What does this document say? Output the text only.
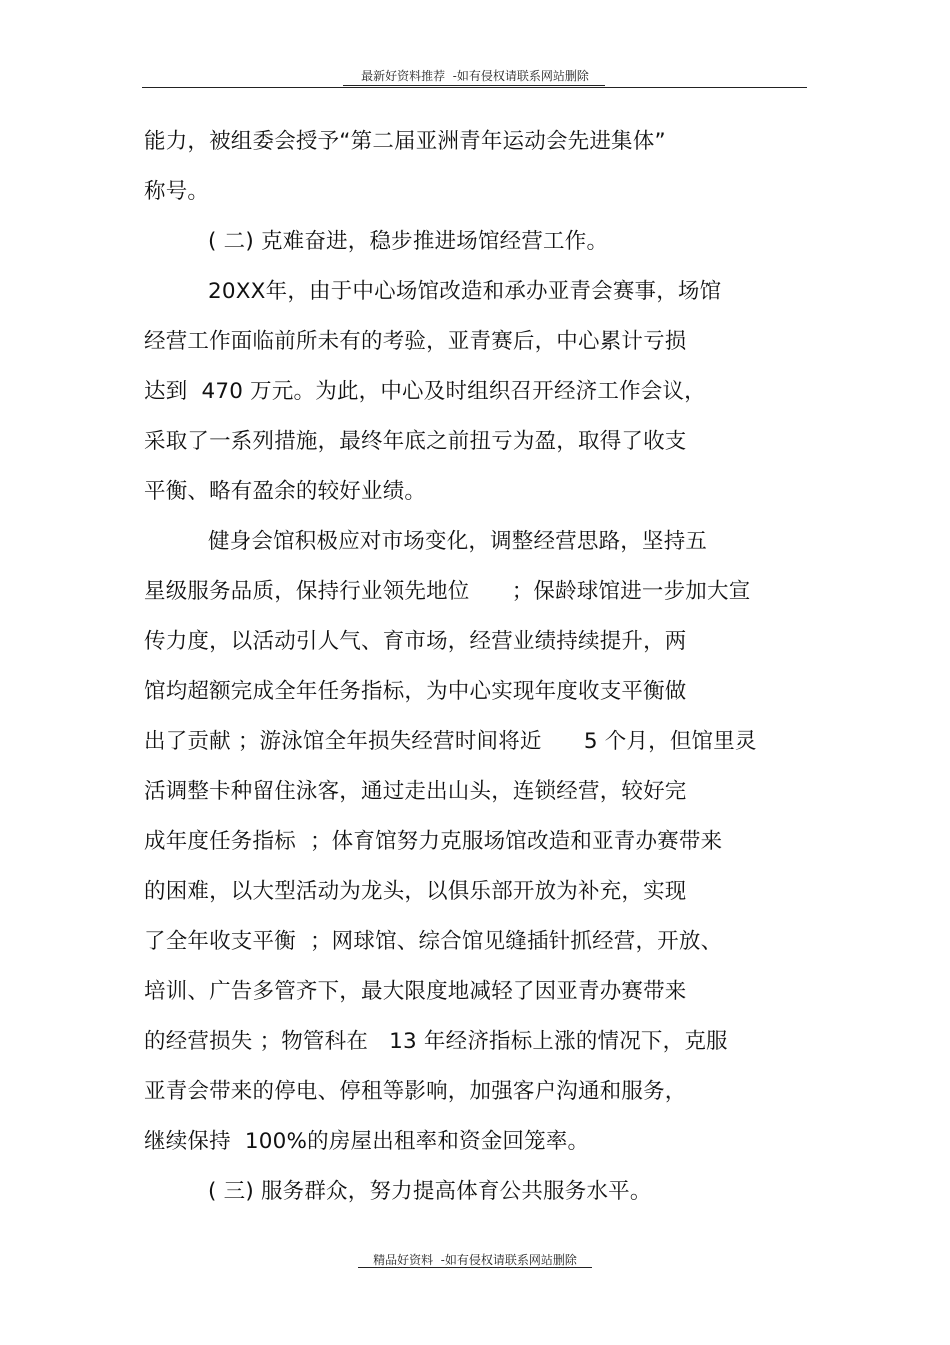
最新好资料推荐  -如有侵权请联系网站删除
能力，被组委会授予“第二届亚洲青年运动会先进集体”
称号。
( 二) 克难奋进，稳步推进场馆经营工作。
20XX年，由于中心场馆改造和承办亚青会赛事，场馆
经营工作面临前所未有的考验，亚青赛后，中心累计亏损
达到  470 万元。为此，中心及时组织召开经济工作会议，
采取了一系列措施，最终年底之前扭亏为盈，取得了收支
平衡、略有盈余的较好业绩。
健身会馆积极应对市场变化，调整经营思路，坚持五
星级服务品质，保持行业领先地位      ；保龄球馆进一步加大宣
传力度，以活动引人气、育市场，经营业绩持续提升，两
馆均超额完成全年任务指标，为中心实现年度收支平衡做
出了贡献 ；游泳馆全年损失经营时间将近      5 个月，但馆里灵
活调整卡种留住泳客，通过走出山头，连锁经营，较好完
成年度任务指标  ；体育馆努力克服场馆改造和亚青办赛带来
的困难，以大型活动为龙头，以俱乐部开放为补充，实现
了全年收支平衡  ；网球馆、综合馆见缝插针抓经营，开放、
培训、广告多管齐下，最大限度地减轻了因亚青办赛带来
的经营损失 ；物管科在   13 年经济指标上涨的情况下，克服
亚青会带来的停电、停租等影响，加强客户沟通和服务，
继续保持  100%的房屋出租率和资金回笼率。
( 三) 服务群众，努力提高体育公共服务水平。
精品好资料  -如有侵权请联系网站删除
